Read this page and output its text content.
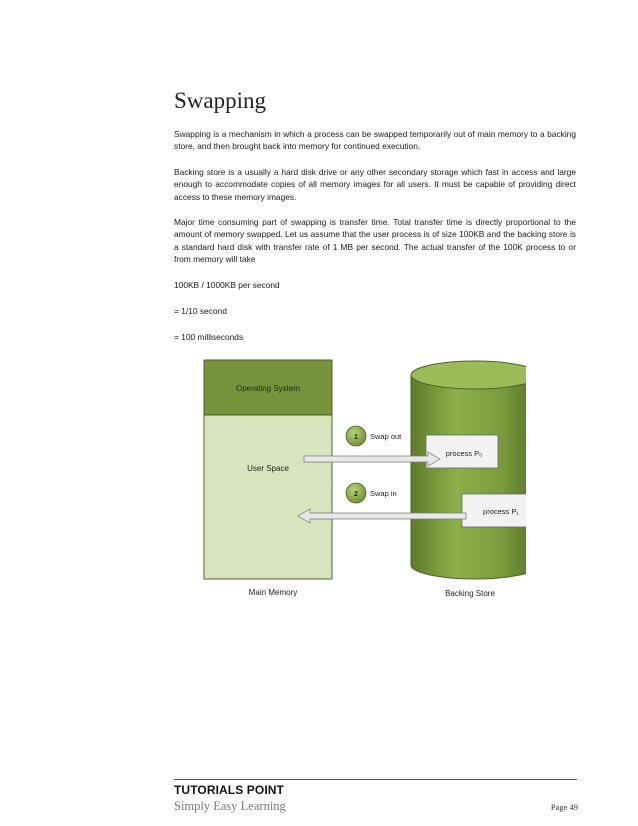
Swapping

Swapping is a mechanism in which a process can be swapped temporarily out of main memory to a backing store, and then brought back into memory for continued execution.

Backing store is a usually a hard disk drive or any other secondary storage which fast in access and large enough to accommodate copies of all memory images for all users. It must be capable of providing direct access to these memory images.

Major time consuming part of swapping is transfer time. Total transfer time is directly proportional to the amount of memory swapped. Let us assume that the user process is of size 100KB and the backing store is a standard hard disk with transfer rate of 1 MB per second. The actual transfer of the 100K process to or from memory will take

100KB / 1000KB per second

= 1/10 second

= 100 milliseconds

Operating System
User Space
Main Memory	Backing Store
process P₀
process P₁
1 Swap out
2 Swap in

TUTORIALS POINT

Simply Easy Learning	Page 49
